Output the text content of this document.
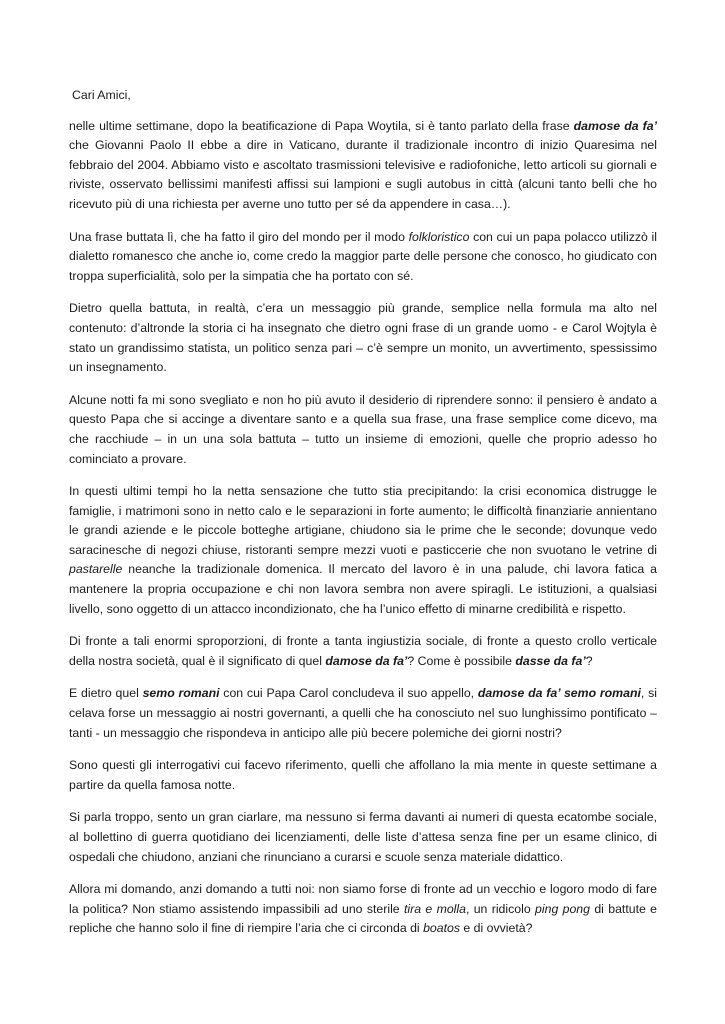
Cari Amici,

nelle ultime settimane, dopo la beatificazione di Papa Woytila, si è tanto parlato della frase damose da fa’ che Giovanni Paolo II ebbe a dire in Vaticano, durante il tradizionale incontro di inizio Quaresima nel febbraio del 2004. Abbiamo visto e ascoltato trasmissioni televisive e radiofoniche, letto articoli su giornali e riviste, osservato bellissimi manifesti affissi sui lampioni e sugli autobus in città (alcuni tanto belli che ho ricevuto più di una richiesta per averne uno tutto per sé da appendere in casa…).

Una frase buttata lì, che ha fatto il giro del mondo per il modo folkloristico con cui un papa polacco utilizzò il dialetto romanesco che anche io, come credo la maggior parte delle persone che conosco, ho giudicato con troppa superficialità, solo per la simpatia che ha portato con sé.

Dietro quella battuta, in realtà, c’era un messaggio più grande, semplice nella formula ma alto nel contenuto: d’altronde la storia ci ha insegnato che dietro ogni frase di un grande uomo - e Carol Wojtyla è stato un grandissimo statista, un politico senza pari – c’è sempre un monito, un avvertimento, spessissimo un insegnamento.

Alcune notti fa mi sono svegliato e non ho più avuto il desiderio di riprendere sonno: il pensiero è andato a questo Papa che si accinge a diventare santo e a quella sua frase, una frase semplice come dicevo, ma che racchiude – in un una sola battuta – tutto un insieme di emozioni, quelle che proprio adesso ho cominciato a provare.

In questi ultimi tempi ho la netta sensazione che tutto stia precipitando: la crisi economica distrugge le famiglie, i matrimoni sono in netto calo e le separazioni in forte aumento; le difficoltà finanziarie annientano le grandi aziende e le piccole botteghe artigiane, chiudono sia le prime che le seconde; dovunque vedo saracinesche di negozi chiuse, ristoranti sempre mezzi vuoti e pasticcerie che non svuotano le vetrine di pastarelle neanche la tradizionale domenica. Il mercato del lavoro è in una palude, chi lavora fatica a mantenere la propria occupazione e chi non lavora sembra non avere spiragli. Le istituzioni, a qualsiasi livello, sono oggetto di un attacco incondizionato, che ha l’unico effetto di minarne credibilità e rispetto.

Di fronte a tali enormi sproporzioni, di fronte a tanta ingiustizia sociale, di fronte a questo crollo verticale della nostra società, qual è il significato di quel damose da fa’? Come è possibile dasse da fa’?

E dietro quel semo romani con cui Papa Carol concludeva il suo appello, damose da fa’ semo romani, si celava forse un messaggio ai nostri governanti, a quelli che ha conosciuto nel suo lunghissimo pontificato – tanti - un messaggio che rispondeva in anticipo alle più becere polemiche dei giorni nostri?

Sono questi gli interrogativi cui facevo riferimento, quelli che affollano la mia mente in queste settimane a partire da quella famosa notte.

Si parla troppo, sento un gran ciarlare, ma nessuno si ferma davanti ai numeri di questa ecatombe sociale, al bollettino di guerra quotidiano dei licenziamenti, delle liste d’attesa senza fine per un esame clinico, di ospedali che chiudono, anziani che rinunciano a curarsi e scuole senza materiale didattico.

Allora mi domando, anzi domando a tutti noi: non siamo forse di fronte ad un vecchio e logoro modo di fare la politica? Non stiamo assistendo impassibili ad uno sterile tira e molla, un ridicolo ping pong di battute e repliche che hanno solo il fine di riempire l’aria che ci circonda di boatos e di ovvietà?
